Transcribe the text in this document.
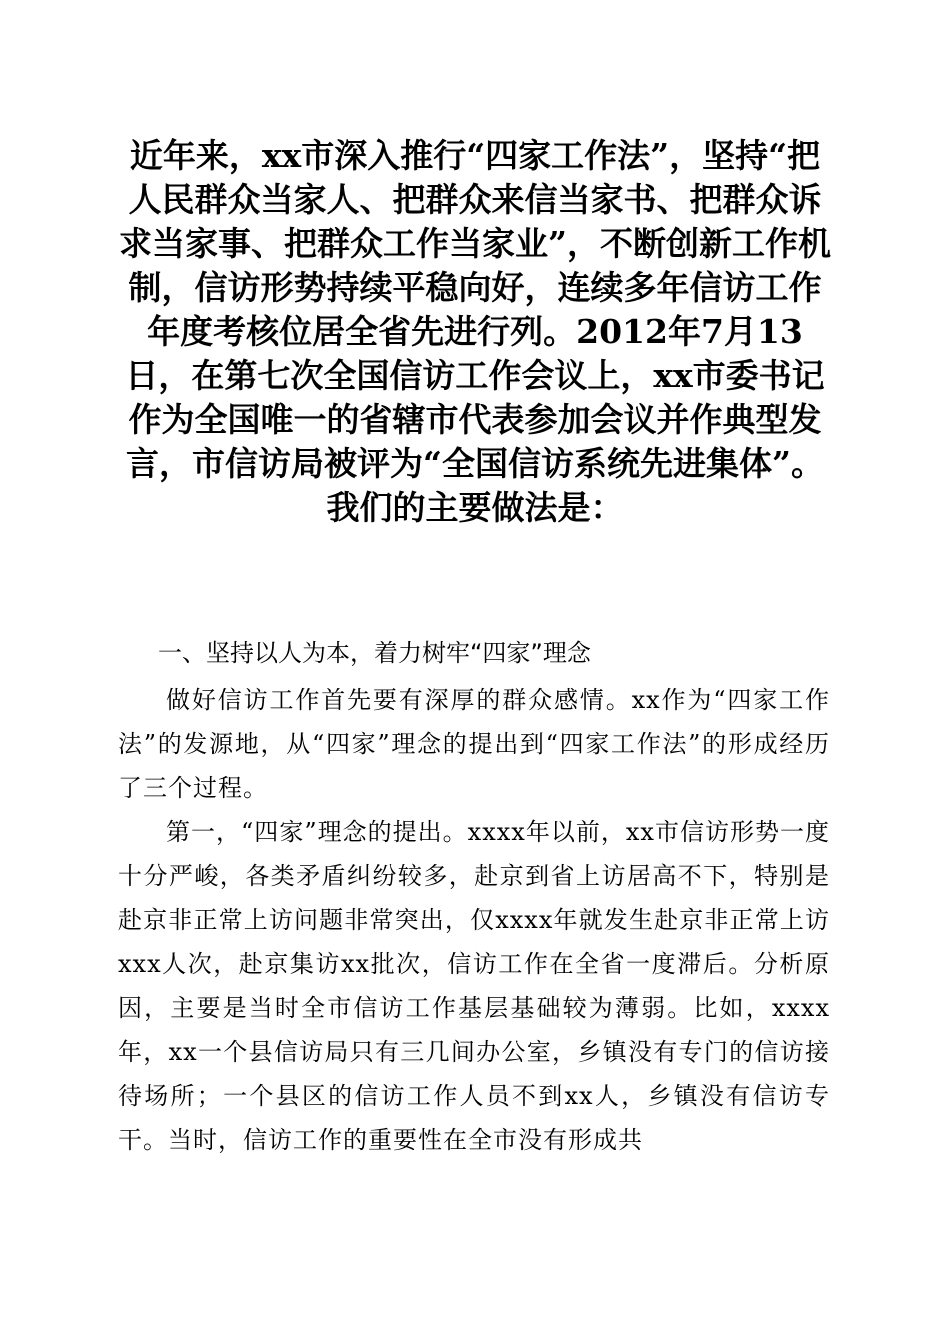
近年来，xx市深入推行“四家工作法”，坚持“把人民群众当家人、把群众来信当家书、把群众诉求当家事、把群众工作当家业”，不断创新工作机制，信访形势持续平稳向好，连续多年信访工作年度考核位居全省先进行列。2012年7月13日，在第七次全国信访工作会议上，xx市委书记作为全国唯一的省辖市代表参加会议并作典型发言，市信访局被评为“全国信访系统先进集体”。我们的主要做法是：

一、坚持以人为本，着力树牢“四家”理念

做好信访工作首先要有深厚的群众感情。xx作为“四家工作法”的发源地，从“四家”理念的提出到“四家工作法”的形成经历了三个过程。

第一，“四家”理念的提出。xxxx年以前，xx市信访形势一度十分严峻，各类矛盾纠纷较多，赴京到省上访居高不下，特别是赴京非正常上访问题非常突出，仅xxxx年就发生赴京非正常上访xxx人次，赴京集访xx批次，信访工作在全省一度滞后。分析原因，主要是当时全市信访工作基层基础较为薄弱。比如，xxxx年，xx一个县信访局只有三几间办公室，乡镇没有专门的信访接待场所；一个县区的信访工作人员不到xx人，乡镇没有信访专干。当时，信访工作的重要性在全市没有形成共
